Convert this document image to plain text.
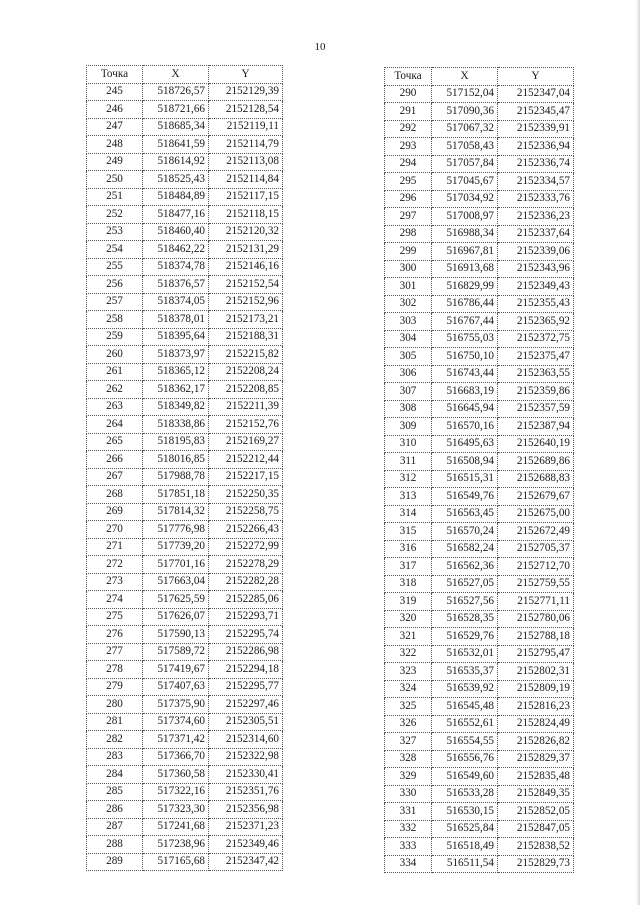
10
Точка	X	Y
245	518726,57	2152129,39
246	518721,66	2152128,54
247	518685,34	2152119,11
248	518641,59	2152114,79
249	518614,92	2152113,08
250	518525,43	2152114,84
251	518484,89	2152117,15
252	518477,16	2152118,15
253	518460,40	2152120,32
254	518462,22	2152131,29
255	518374,78	2152146,16
256	518376,57	2152152,54
257	518374,05	2152152,96
258	518378,01	2152173,21
259	518395,64	2152188,31
260	518373,97	2152215,82
261	518365,12	2152208,24
262	518362,17	2152208,85
263	518349,82	2152211,39
264	518338,86	2152152,76
265	518195,83	2152169,27
266	518016,85	2152212,44
267	517988,78	2152217,15
268	517851,18	2152250,35
269	517814,32	2152258,75
270	517776,98	2152266,43
271	517739,20	2152272,99
272	517701,16	2152278,29
273	517663,04	2152282,28
274	517625,59	2152285,06
275	517626,07	2152293,71
276	517590,13	2152295,74
277	517589,72	2152286,98
278	517419,67	2152294,18
279	517407,63	2152295,77
280	517375,90	2152297,46
281	517374,60	2152305,51
282	517371,42	2152314,60
283	517366,70	2152322,98
284	517360,58	2152330,41
285	517322,16	2152351,76
286	517323,30	2152356,98
287	517241,68	2152371,23
288	517238,96	2152349,46
289	517165,68	2152347,42
Точка	X	Y
290	517152,04	2152347,04
291	517090,36	2152345,47
292	517067,32	2152339,91
293	517058,43	2152336,94
294	517057,84	2152336,74
295	517045,67	2152334,57
296	517034,92	2152333,76
297	517008,97	2152336,23
298	516988,34	2152337,64
299	516967,81	2152339,06
300	516913,68	2152343,96
301	516829,99	2152349,43
302	516786,44	2152355,43
303	516767,44	2152365,92
304	516755,03	2152372,75
305	516750,10	2152375,47
306	516743,44	2152363,55
307	516683,19	2152359,86
308	516645,94	2152357,59
309	516570,16	2152387,94
310	516495,63	2152640,19
311	516508,94	2152689,86
312	516515,31	2152688,83
313	516549,76	2152679,67
314	516563,45	2152675,00
315	516570,24	2152672,49
316	516582,24	2152705,37
317	516562,36	2152712,70
318	516527,05	2152759,55
319	516527,56	2152771,11
320	516528,35	2152780,06
321	516529,76	2152788,18
322	516532,01	2152795,47
323	516535,37	2152802,31
324	516539,92	2152809,19
325	516545,48	2152816,23
326	516552,61	2152824,49
327	516554,55	2152826,82
328	516556,76	2152829,37
329	516549,60	2152835,48
330	516533,28	2152849,35
331	516530,15	2152852,05
332	516525,84	2152847,05
333	516518,49	2152838,52
334	516511,54	2152829,73
